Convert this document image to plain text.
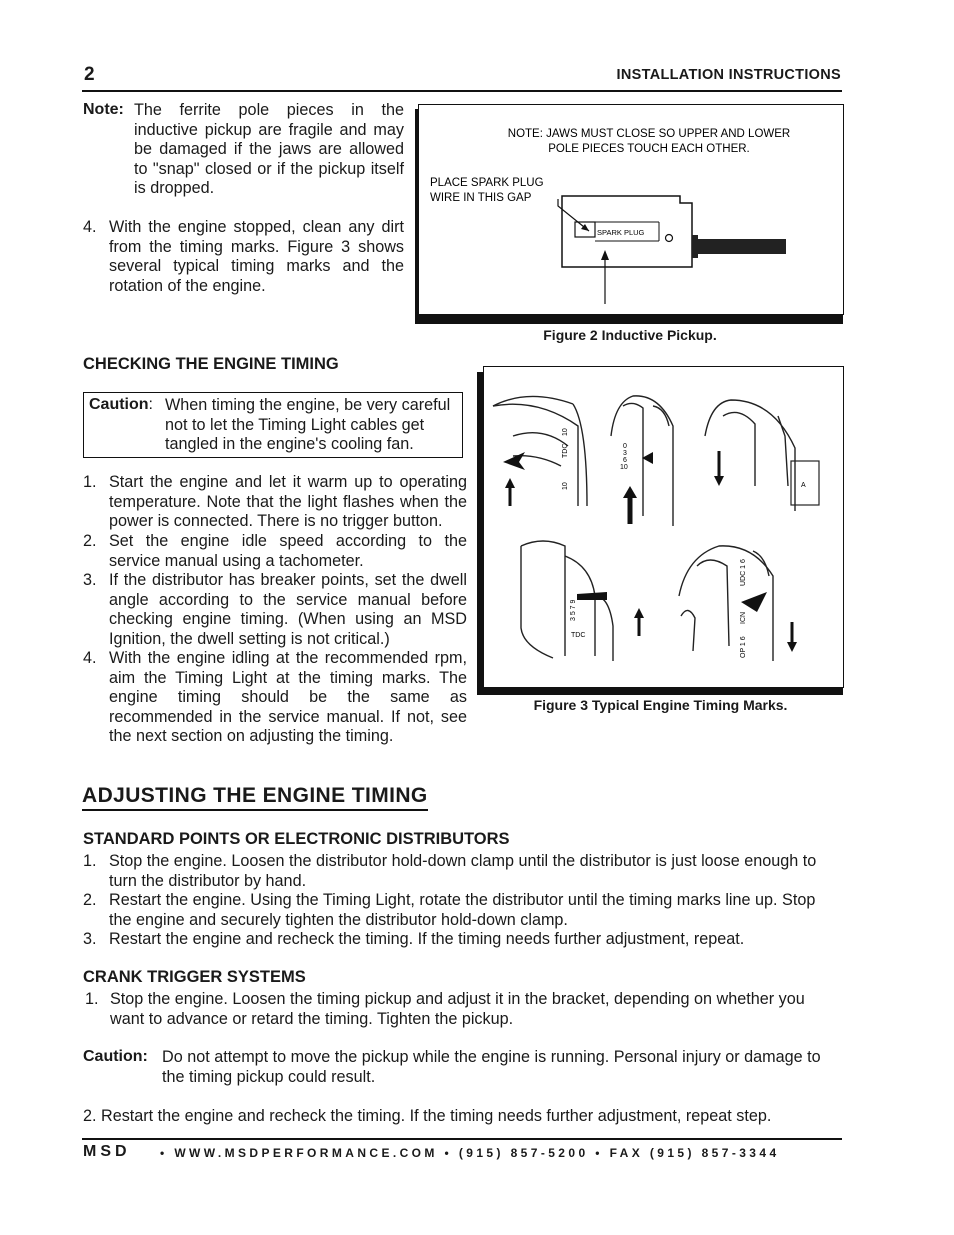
2	INSTALLATION INSTRUCTIONS
Note: The ferrite pole pieces in the inductive pickup are fragile and may be damaged if the jaws are allowed to "snap" closed or if the pickup itself is dropped.
4. With the engine stopped, clean any dirt from the timing marks. Figure 3 shows several typical timing marks and the rotation of the engine.
NOTE: JAWS MUST CLOSE SO UPPER AND LOWER
POLE PIECES TOUCH EACH OTHER.
PLACE SPARK PLUG
WIRE IN THIS GAP
SPARK PLUG
Figure 2 Inductive Pickup.
CHECKING THE ENGINE TIMING
Caution: When timing the engine, be very careful not to let the Timing Light cables get tangled in the engine's cooling fan.
1. Start the engine and let it warm up to operating temperature. Note that the light flashes when the power is connected. There is no trigger button.
2. Set the engine idle speed according to the service manual using a tachometer.
3. If the distributor has breaker points, set the dwell angle according to the service manual before checking engine timing. (When using an MSD Ignition, the dwell setting is not critical.)
4. With the engine idling at the recommended rpm, aim the Timing Light at the timing marks. The engine timing should be the same as recommended in the service manual. If not, see the next section on adjusting the timing.
TDC
10
10
0
3
6
10
A
3 5 7 9
TDC
UDC 1 6
ICN
OP 1 6
Figure 3 Typical Engine Timing Marks.
ADJUSTING THE ENGINE TIMING
STANDARD POINTS OR ELECTRONIC DISTRIBUTORS
1. Stop the engine. Loosen the distributor hold-down clamp until the distributor is just loose enough to turn the distributor by hand.
2. Restart the engine. Using the Timing Light, rotate the distributor until the timing marks line up. Stop the engine and securely tighten the distributor hold-down clamp.
3. Restart the engine and recheck the timing. If the timing needs further adjustment, repeat.
CRANK TRIGGER SYSTEMS
1. Stop the engine. Loosen the timing pickup and adjust it in the bracket, depending on whether you want to advance or retard the timing. Tighten the pickup.
Caution: Do not attempt to move the pickup while the engine is running. Personal injury or damage to the timing pickup could result.
2. Restart the engine and recheck the timing. If the timing needs further adjustment, repeat step.
MSD • WWW.MSDPERFORMANCE.COM • (915) 857-5200 • FAX (915) 857-3344
